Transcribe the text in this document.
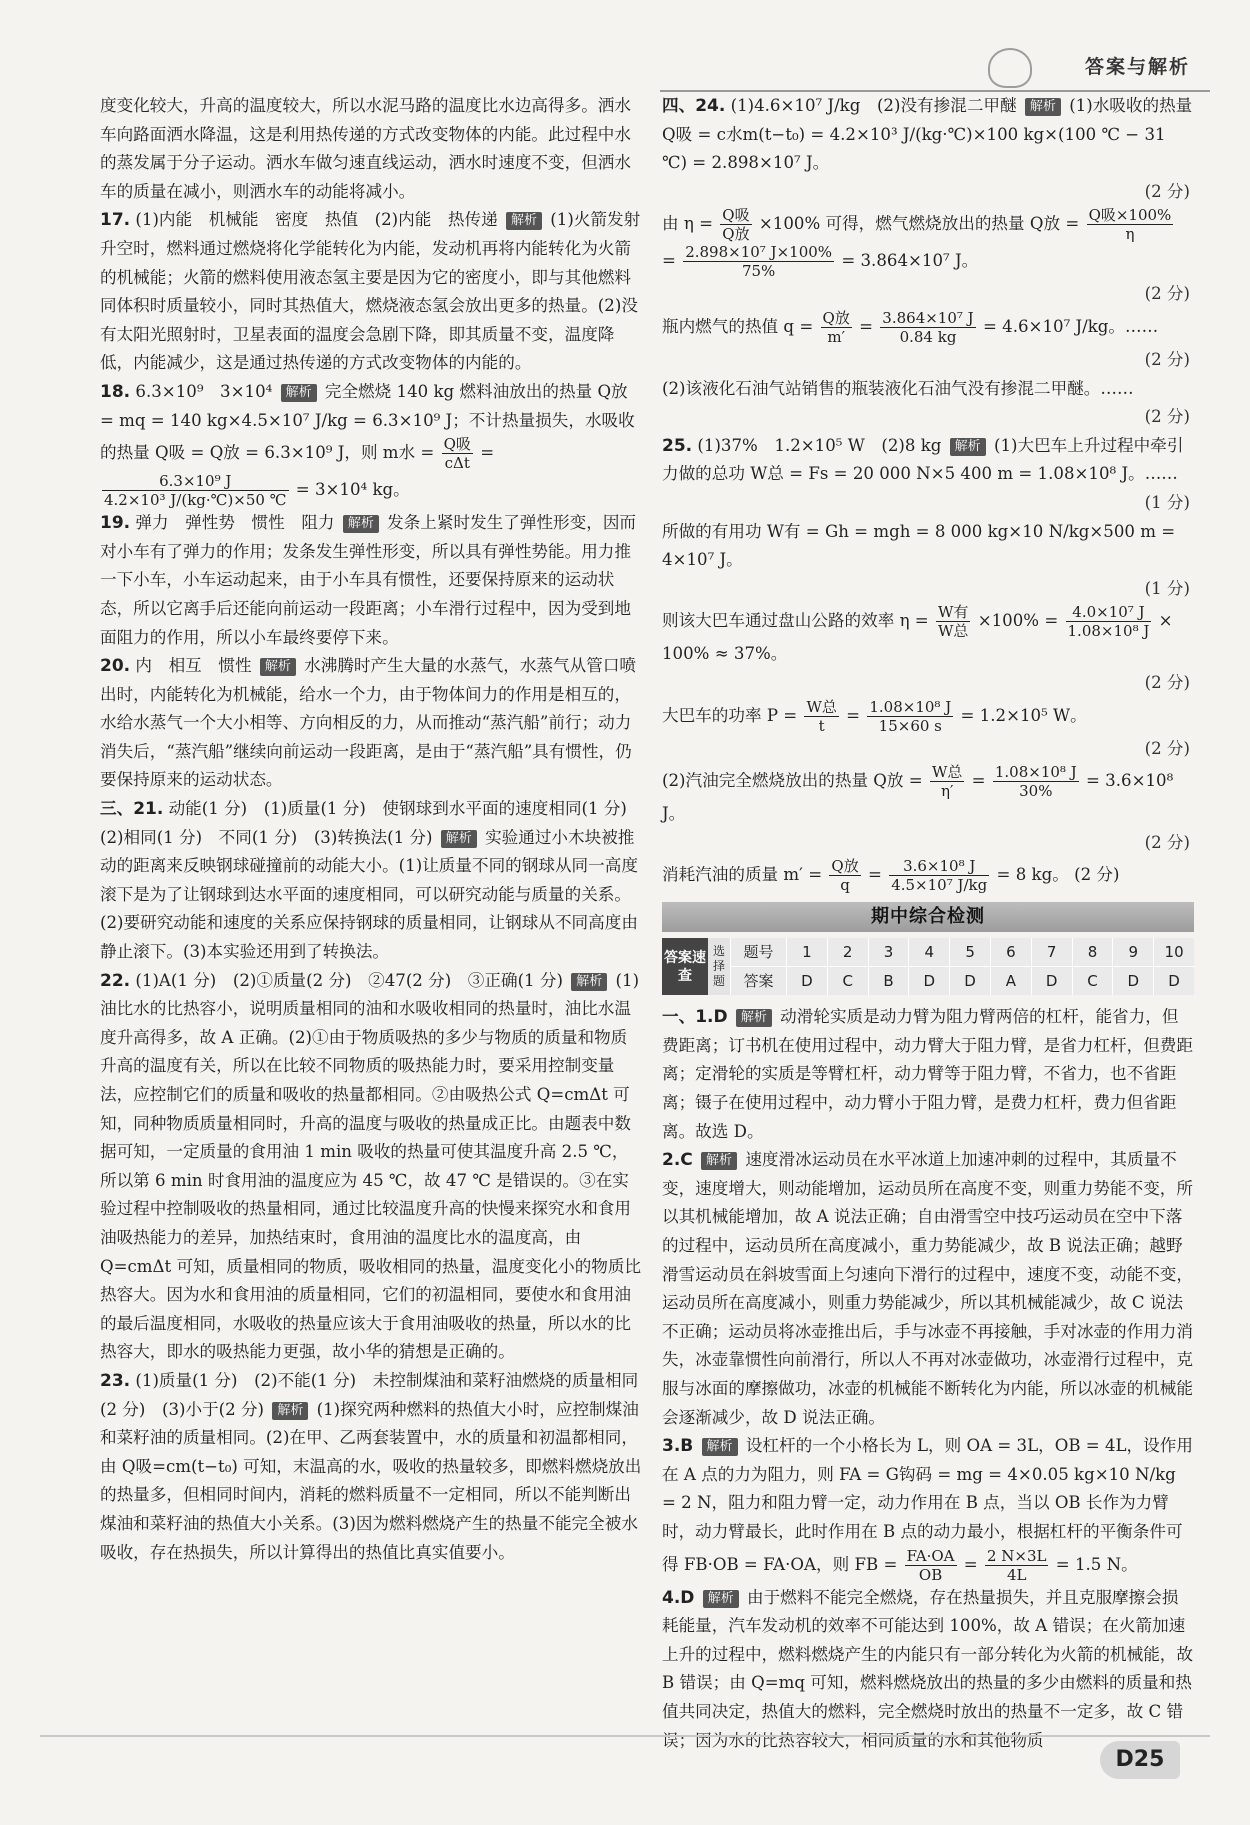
答案与解析

度变化较大，升高的温度较大，所以水泥马路的温度比水边高得多。洒水车向路面洒水降温，这是利用热传递的方式改变物体的内能。此过程中水的蒸发属于分子运动。洒水车做匀速直线运动，洒水时速度不变，但洒水车的质量在减小，则洒水车的动能将减小。

17. (1)内能　机械能　密度　热值　(2)内能　热传递 解析 (1)火箭发射升空时，燃料通过燃烧将化学能转化为内能，发动机再将内能转化为火箭的机械能；火箭的燃料使用液态氢主要是因为它的密度小，即与其他燃料同体积时质量较小，同时其热值大，燃烧液态氢会放出更多的热量。(2)没有太阳光照射时，卫星表面的温度会急剧下降，即其质量不变，温度降低，内能减少，这是通过热传递的方式改变物体的内能的。

18. 6.3×10⁹　3×10⁴ 解析 完全燃烧 140 kg 燃料油放出的热量 Q放 = mq = 140 kg×4.5×10⁷ J/kg = 6.3×10⁹ J；不计热量损失，水吸收的热量 Q吸 = Q放 = 6.3×10⁹ J，则 m水 = $\frac{\text{Q吸}}{\text{cΔt}}$ =
$\frac{\text{6.3×10⁹ J}}{\text{4.2×10³ J/(kg·℃)×50 ℃}} = 3\times 10^4$ kg。

19. 弹力　弹性势　惯性　阻力 解析 发条上紧时发生了弹性形变，因而对小车有了弹力的作用；发条发生弹性形变，所以具有弹性势能。用力推一下小车，小车运动起来，由于小车具有惯性，还要保持原来的运动状态，所以它离手后还能向前运动一段距离；小车滑行过程中，因为受到地面阻力的作用，所以小车最终要停下来。

20. 内　相互　惯性 解析 水沸腾时产生大量的水蒸气，水蒸气从管口喷出时，内能转化为机械能，给水一个力，由于物体间力的作用是相互的，水给水蒸气一个大小相等、方向相反的力，从而推动“蒸汽船”前行；动力消失后，“蒸汽船”继续向前运动一段距离，是由于“蒸汽船”具有惯性，仍要保持原来的运动状态。

三、21. 动能(1 分)　(1)质量(1 分)　使钢球到水平面的速度相同(1 分)　(2)相同(1 分)　不同(1 分)　(3)转换法(1 分) 解析 实验通过小木块被推动的距离来反映钢球碰撞前的动能大小。(1)让质量不同的钢球从同一高度滚下是为了让钢球到达水平面的速度相同，可以研究动能与质量的关系。(2)要研究动能和速度的关系应保持钢球的质量相同，让钢球从不同高度由静止滚下。(3)本实验还用到了转换法。

22. (1)A(1 分)　(2)①质量(2 分)　②47(2 分)　③正确(1 分) 解析 (1)油比水的比热容小，说明质量相同的油和水吸收相同的热量时，油比水温度升高得多，故 A 正确。(2)①由于物质吸热的多少与物质的质量和物质升高的温度有关，所以在比较不同物质的吸热能力时，要采用控制变量法，应控制它们的质量和吸收的热量都相同。②由吸热公式 Q=cmΔt 可知，同种物质质量相同时，升高的温度与吸收的热量成正比。由题表中数据可知，一定质量的食用油 1 min 吸收的热量可使其温度升高 2.5 ℃，所以第 6 min 时食用油的温度应为 45 ℃，故 47 ℃ 是错误的。③在实验过程中控制吸收的热量相同，通过比较温度升高的快慢来探究水和食用油吸热能力的差异，加热结束时，食用油的温度比水的温度高，由 Q=cmΔt 可知，质量相同的物质，吸收相同的热量，温度变化小的物质比热容大。因为水和食用油的质量相同，它们的初温相同，要使水和食用油的最后温度相同，水吸收的热量应该大于食用油吸收的热量，所以水的比热容大，即水的吸热能力更强，故小华的猜想是正确的。

23. (1)质量(1 分)　(2)不能(1 分)　未控制煤油和菜籽油燃烧的质量相同(2 分)　(3)小于(2 分) 解析 (1)探究两种燃料的热值大小时，应控制煤油和菜籽油的质量相同。(2)在甲、乙两套装置中，水的质量和初温都相同，由 Q吸=cm(t−t₀) 可知，末温高的水，吸收的热量较多，即燃料燃烧放出的热量多，但相同时间内，消耗的燃料质量不一定相同，所以不能判断出煤油和菜籽油的热值大小关系。(3)因为燃料燃烧产生的热量不能完全被水吸收，存在热损失，所以计算得出的热值比真实值要小。

四、24. (1)4.6×10⁷ J/kg　(2)没有掺混二甲醚 解析 (1)水吸收的热量 Q吸 = c水m(t−t₀) = 4.2×10³ J/(kg·℃)×100 kg×(100 ℃ − 31 ℃) = 2.898×10⁷ J。

(2 分)

由 $\eta = \frac{\text{Q吸}}{\text{Q放}} \times 100\%$ 可得，燃气燃烧放出的热量 Q放 = $\frac{\text{Q吸×100\%}}{\eta}$
= $\frac{\text{2.898×10⁷ J×100\%}}{75\%} = 3.864\times 10^7$ J。

(2 分)

瓶内燃气的热值 $q = \frac{\text{Q放}}{m'} = \frac{\text{3.864×10⁷ J}}{0.84 kg} = 4.6\times 10^7$ J/kg。……

(2 分)

(2)该液化石油气站销售的瓶装液化石油气没有掺混二甲醚。……

(2 分)

25. (1)37%　1.2×10⁵ W　(2)8 kg 解析 (1)大巴车上升过程中牵引力做的总功 W总 = Fs = 20 000 N×5 400 m = 1.08×10⁸ J。……

(1 分)

所做的有用功 W有 = Gh = mgh = 8 000 kg×10 N/kg×500 m = 4×10⁷ J。

(1 分)

则该大巴车通过盘山公路的效率 $\eta = \frac{\text{W有}}{\text{W总}} \times 100\% = \frac{\text{4.0×10⁷ J}}{\text{1.08×10⁸ J}} \times 100\% \approx 37\%$。

(2 分)

大巴车的功率 $P = \frac{\text{W总}}{t} = \frac{\text{1.08×10⁸ J}}{15\times 60 s} = 1.2\times 10^5$ W。

(2 分)

(2)汽油完全燃烧放出的热量 Q放 = $\frac{\text{W总}}{\eta'} = \frac{\text{1.08×10⁸ J}}{30\%} = 3.6\times 10^8$ J。

(2 分)

消耗汽油的质量 $m' = \frac{\text{Q放}}{q} = \frac{\text{3.6×10⁸ J}}{\text{4.5×10⁷ J/kg}} = 8$ kg。 (2 分)

期中综合检测
答案速查
选择题
题号	1	2	3	4	5	6	7	8	9	10
答案	D	C	B	D	D	A	D	C	D	D

一、1.D 解析 动滑轮实质是动力臂为阻力臂两倍的杠杆，能省力，但费距离；订书机在使用过程中，动力臂大于阻力臂，是省力杠杆，但费距离；定滑轮的实质是等臂杠杆，动力臂等于阻力臂，不省力，也不省距离；镊子在使用过程中，动力臂小于阻力臂，是费力杠杆，费力但省距离。故选 D。

2.C 解析 速度滑冰运动员在水平冰道上加速冲刺的过程中，其质量不变，速度增大，则动能增加，运动员所在高度不变，则重力势能不变，所以其机械能增加，故 A 说法正确；自由滑雪空中技巧运动员在空中下落的过程中，运动员所在高度减小，重力势能减少，故 B 说法正确；越野滑雪运动员在斜坡雪面上匀速向下滑行的过程中，速度不变，动能不变，运动员所在高度减小，则重力势能减少，所以其机械能减少，故 C 说法不正确；运动员将冰壶推出后，手与冰壶不再接触，手对冰壶的作用力消失，冰壶靠惯性向前滑行，所以人不再对冰壶做功，冰壶滑行过程中，克服与冰面的摩擦做功，冰壶的机械能不断转化为内能，所以冰壶的机械能会逐渐减少，故 D 说法正确。

3.B 解析 设杠杆的一个小格长为 L，则 OA = 3L，OB = 4L，设作用在 A 点的力为阻力，则 FA = G钩码 = mg = 4×0.05 kg×10 N/kg = 2 N，阻力和阻力臂一定，动力作用在 B 点，当以 OB 长作为力臂时，动力臂最长，此时作用在 B 点的动力最小，根据杠杆的平衡条件可得 FB·OB = FA·OA，则 FB = $\frac{FA\cdot OA}{OB} = \frac{2 N\times 3L}{4L} = 1.5$ N。

4.D 解析 由于燃料不能完全燃烧，存在热量损失，并且克服摩擦会损耗能量，汽车发动机的效率不可能达到 100%，故 A 错误；在火箭加速上升的过程中，燃料燃烧产生的内能只有一部分转化为火箭的机械能，故 B 错误；由 Q=mq 可知，燃料燃烧放出的热量的多少由燃料的质量和热值共同决定，热值大的燃料，完全燃烧时放出的热量不一定多，故 C 错误；因为水的比热容较大，相同质量的水和其他物质

D25
